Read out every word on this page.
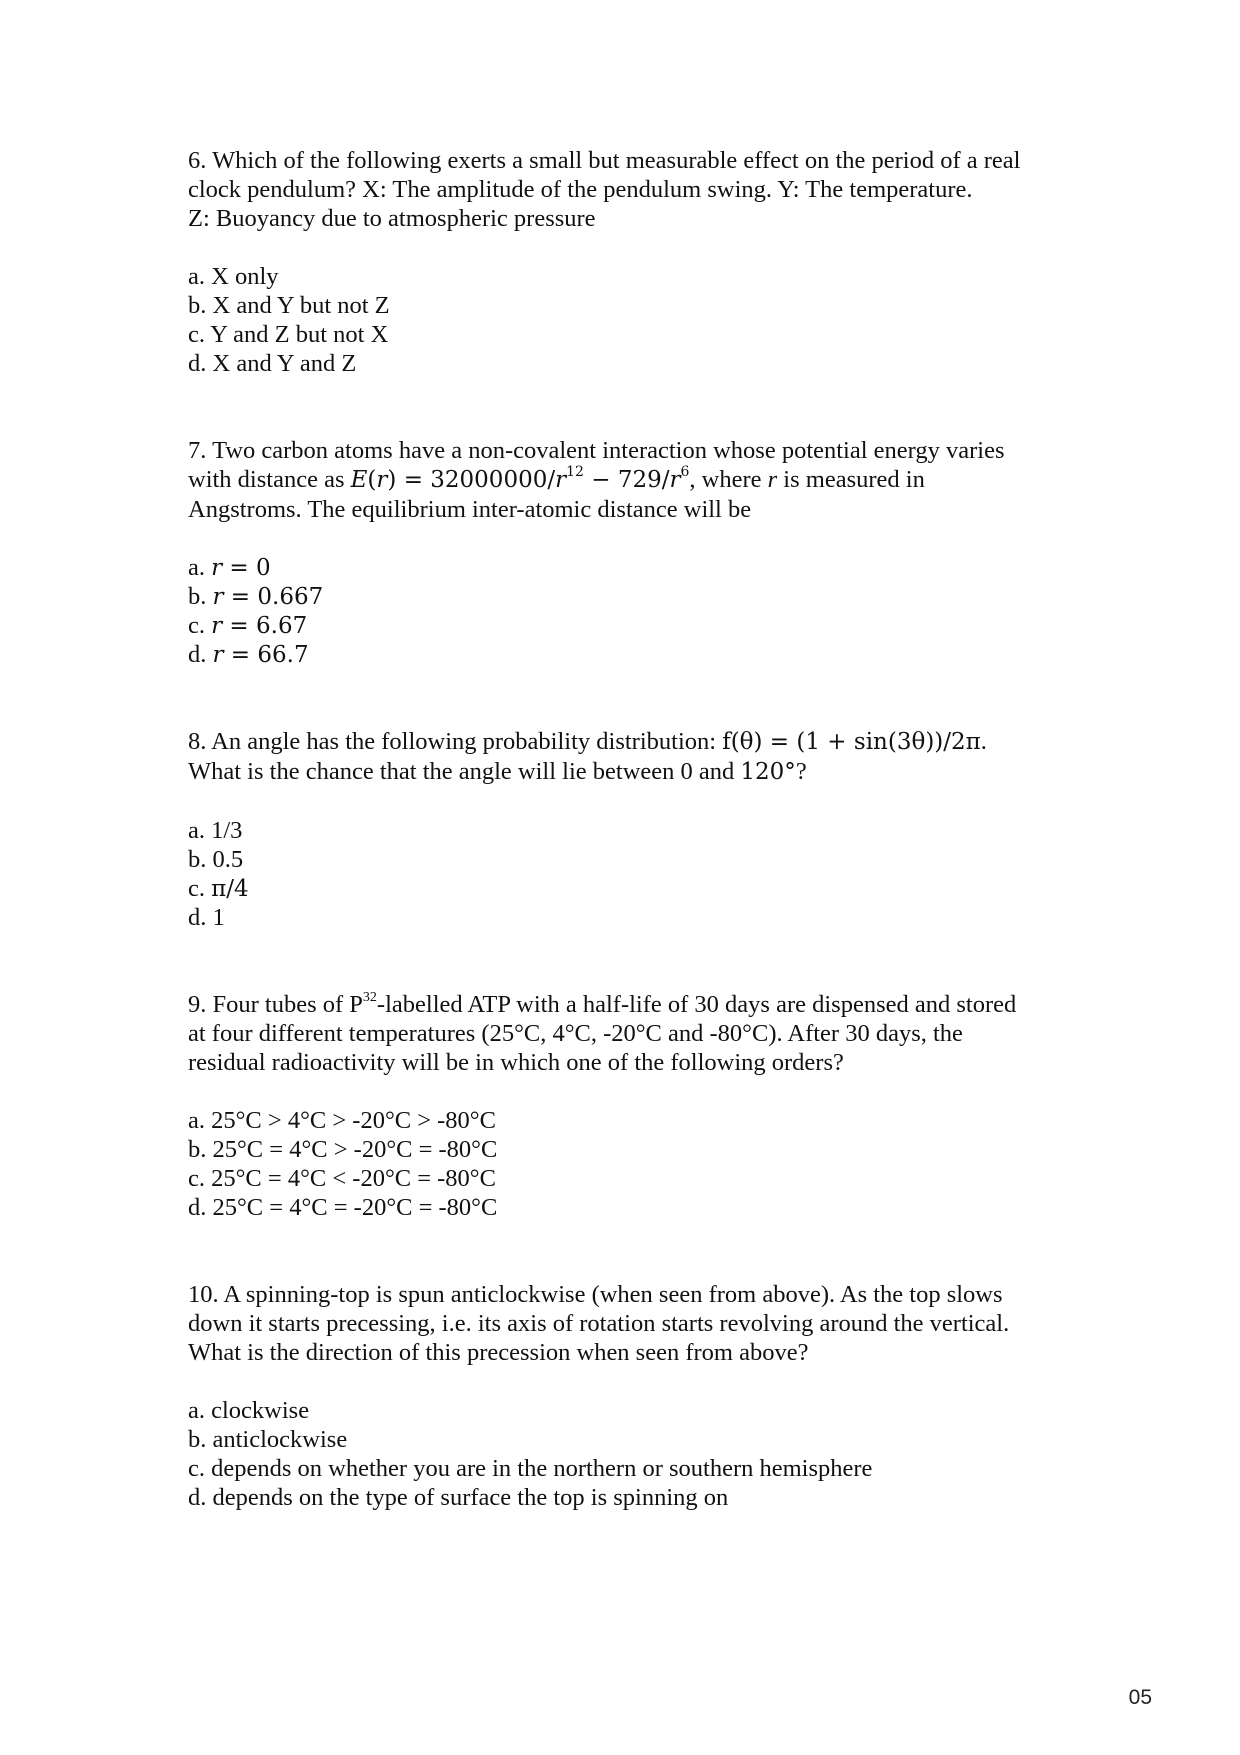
6. Which of the following exerts a small but measurable effect on the period of a real

clock pendulum? X: The amplitude of the pendulum swing. Y: The temperature.

Z: Buoyancy due to atmospheric pressure

a. X only
b. X and Y but not Z
c. Y and Z but not X
d. X and Y and Z

7. Two carbon atoms have a non-covalent interaction whose potential energy varies

with distance as $E(r) = 32000000/r^{12} - 729/r^6$, where r is measured in

Angstroms. The equilibrium inter-atomic distance will be

a. r = 0
b. r = 0.667
c. r = 6.67
d. r = 66.7

8. An angle has the following probability distribution: f(θ) = (1 + sin(3θ))/2π.

What is the chance that the angle will lie between 0 and 120°?

a. 1/3
b. 0.5
c. π/4
d. 1

9. Four tubes of $P^{32}$-labelled ATP with a half-life of 30 days are dispensed and stored

at four different temperatures (25°C, 4°C, -20°C and -80°C). After 30 days, the

residual radioactivity will be in which one of the following orders?

a. 25°C > 4°C > -20°C > -80°C
b. 25°C = 4°C > -20°C = -80°C
c. 25°C = 4°C < -20°C = -80°C
d. 25°C = 4°C = -20°C = -80°C

10. A spinning-top is spun anticlockwise (when seen from above). As the top slows

down it starts precessing, i.e. its axis of rotation starts revolving around the vertical.

What is the direction of this precession when seen from above?

a. clockwise
b. anticlockwise
c. depends on whether you are in the northern or southern hemisphere
d. depends on the type of surface the top is spinning on
05
